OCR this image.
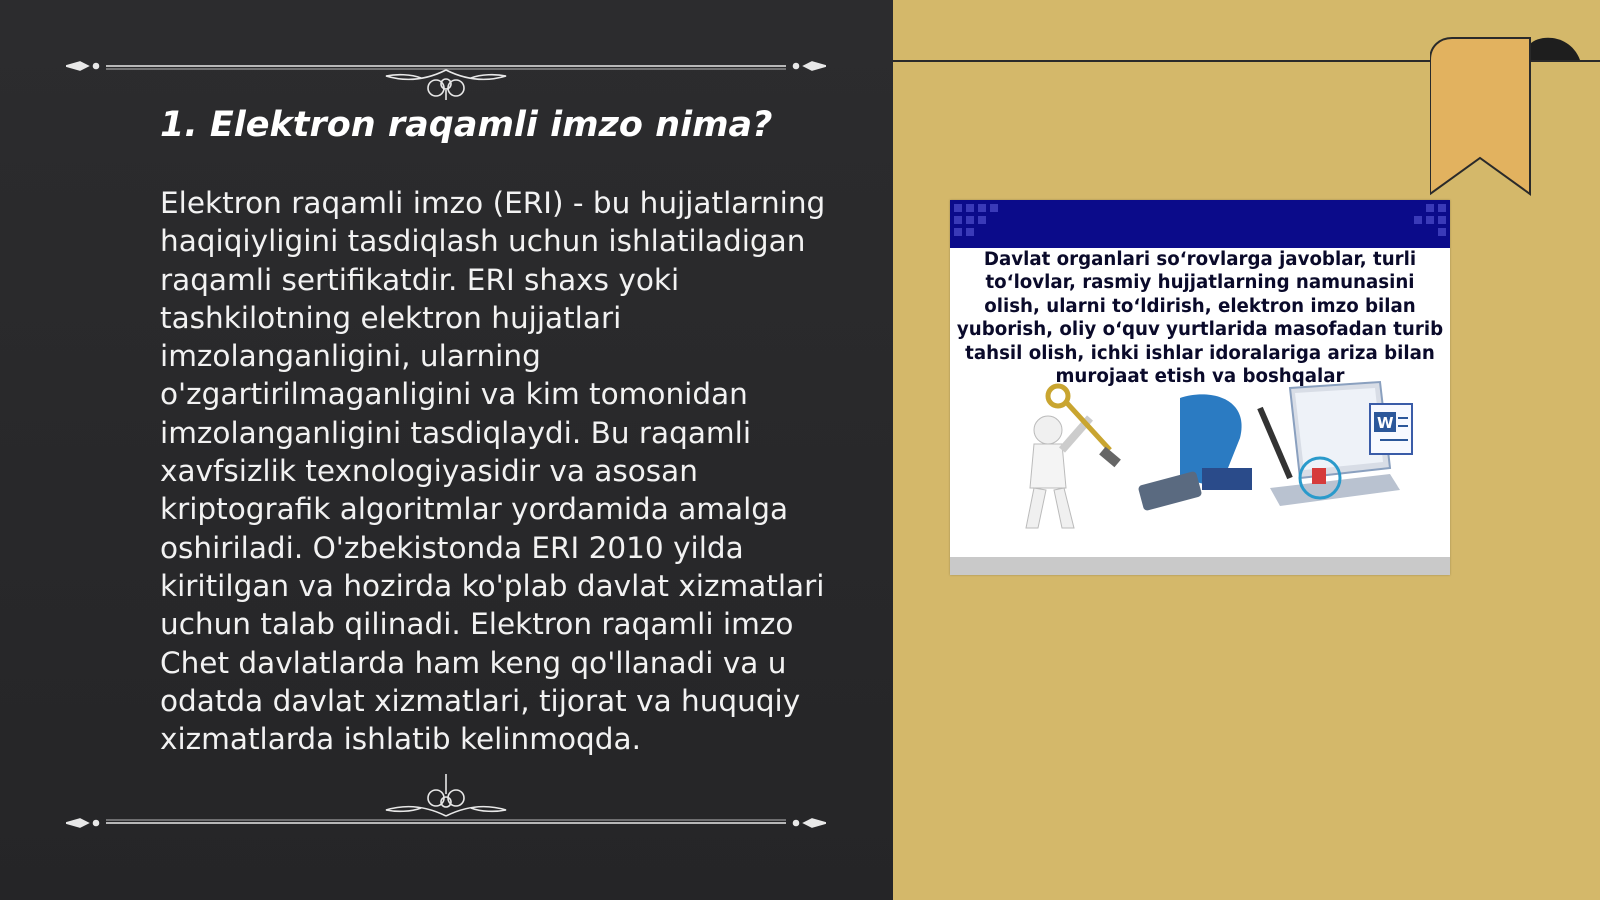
1. Elektron raqamli imzo nima?

Elektron raqamli imzo (ERI) - bu hujjatlarning haqiqiyligini tasdiqlash uchun ishlatiladigan raqamli sertifikatdir. ERI shaxs yoki tashkilotning elektron hujjatlari imzolanganligini, ularning o'zgartirilmaganligini va kim tomonidan imzolanganligini tasdiqlaydi. Bu raqamli xavfsizlik texnologiyasidir va asosan kriptografik algoritmlar yordamida amalga oshiriladi. O'zbekistonda ERI 2010 yilda kiritilgan va hozirda ko'plab davlat xizmatlari uchun talab qilinadi. Elektron raqamli imzo Chet davlatlarda ham keng qo'llanadi va u odatda davlat xizmatlari, tijorat va huquqiy xizmatlarda ishlatib kelinmoqda.

Davlat organlari so‘rovlarga javoblar, turli to‘lovlar, rasmiy hujjatlarning namunasini olish, ularni to‘ldirish, elektron imzo bilan yuborish, oliy o‘quv yurtlarida masofadan turib tahsil olish, ichki ishlar idoralariga ariza bilan murojaat etish va boshqalar

W
